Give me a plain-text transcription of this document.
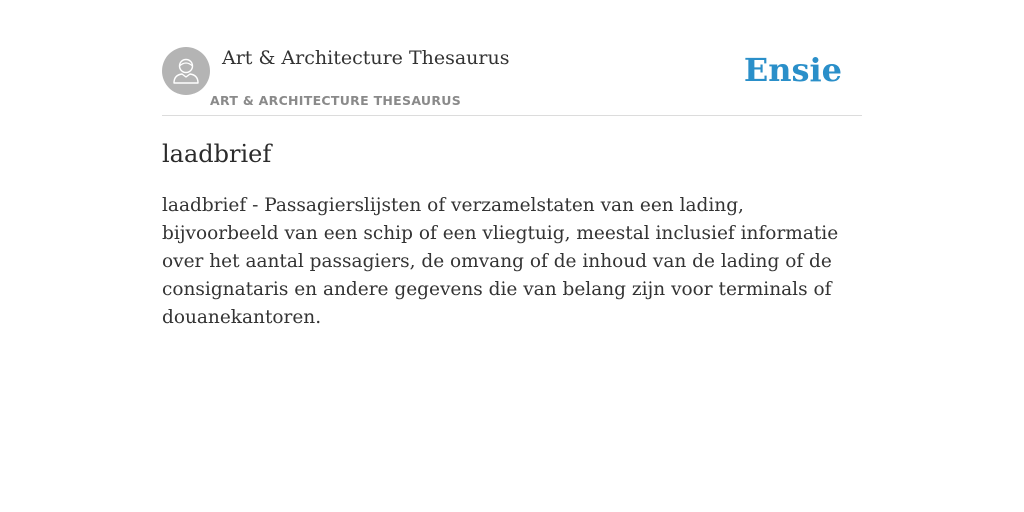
Art & Architecture Thesaurus
ART & ARCHITECTURE THESAURUS
Ensie
laadbrief

laadbrief - Passagierslijsten of verzamelstaten van een lading, bijvoorbeeld van een schip of een vliegtuig, meestal inclusief informatie over het aantal passagiers, de omvang of de inhoud van de lading of de consignataris en andere gegevens die van belang zijn voor terminals of douanekantoren.
